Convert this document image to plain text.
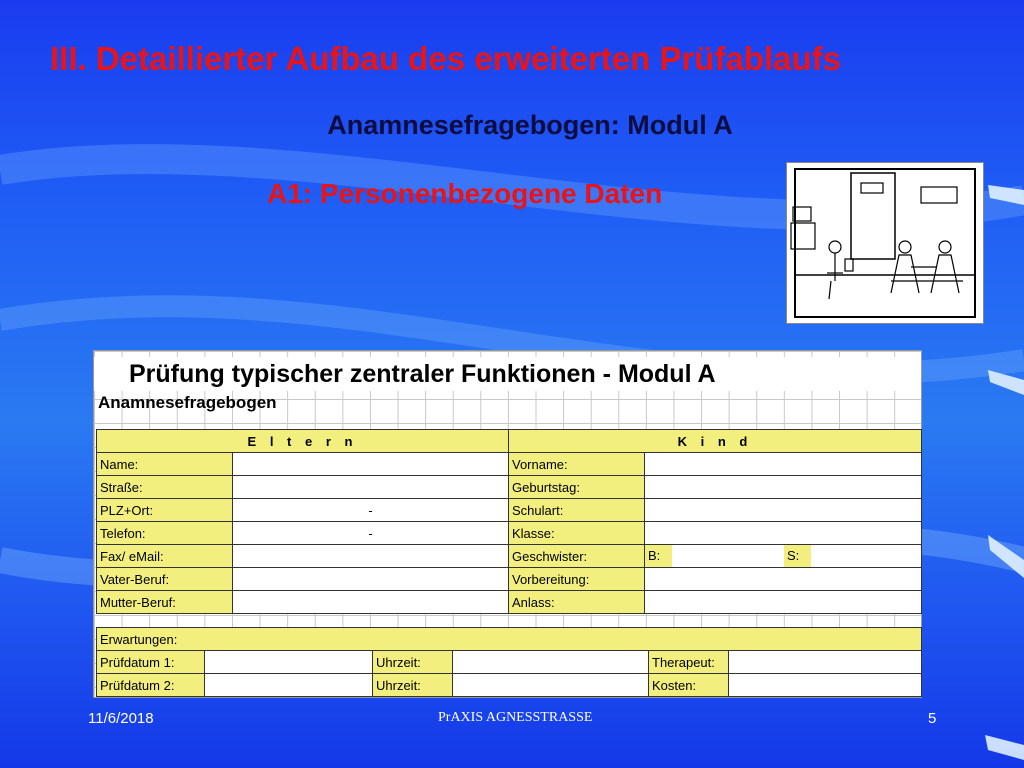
III. Detaillierter Aufbau des erweiterten Prüfablaufs
Anamnesefragebogen: Modul A
A1: Personenbezogene Daten
Prüfung typischer zentraler Funktionen - Modul A
Anamnesefragebogen
E l t e r n		K i n d	
Name:		Vorname:	
Straße:		Geburtstag:	
PLZ+Ort:	-	Schulart:	
Telefon:	-	Klasse:	
Fax/ eMail:		Geschwister:	B: S:

Vater-Beruf:		Vorbereitung:	
Mutter-Beruf:		Anlass:	
Erwartungen:					
Prüfdatum 1:		Uhrzeit:		Therapeut:	
Prüfdatum 2:		Uhrzeit:		Kosten:	
11/6/2018	PrAXIS AGNESSTRASSE	5
